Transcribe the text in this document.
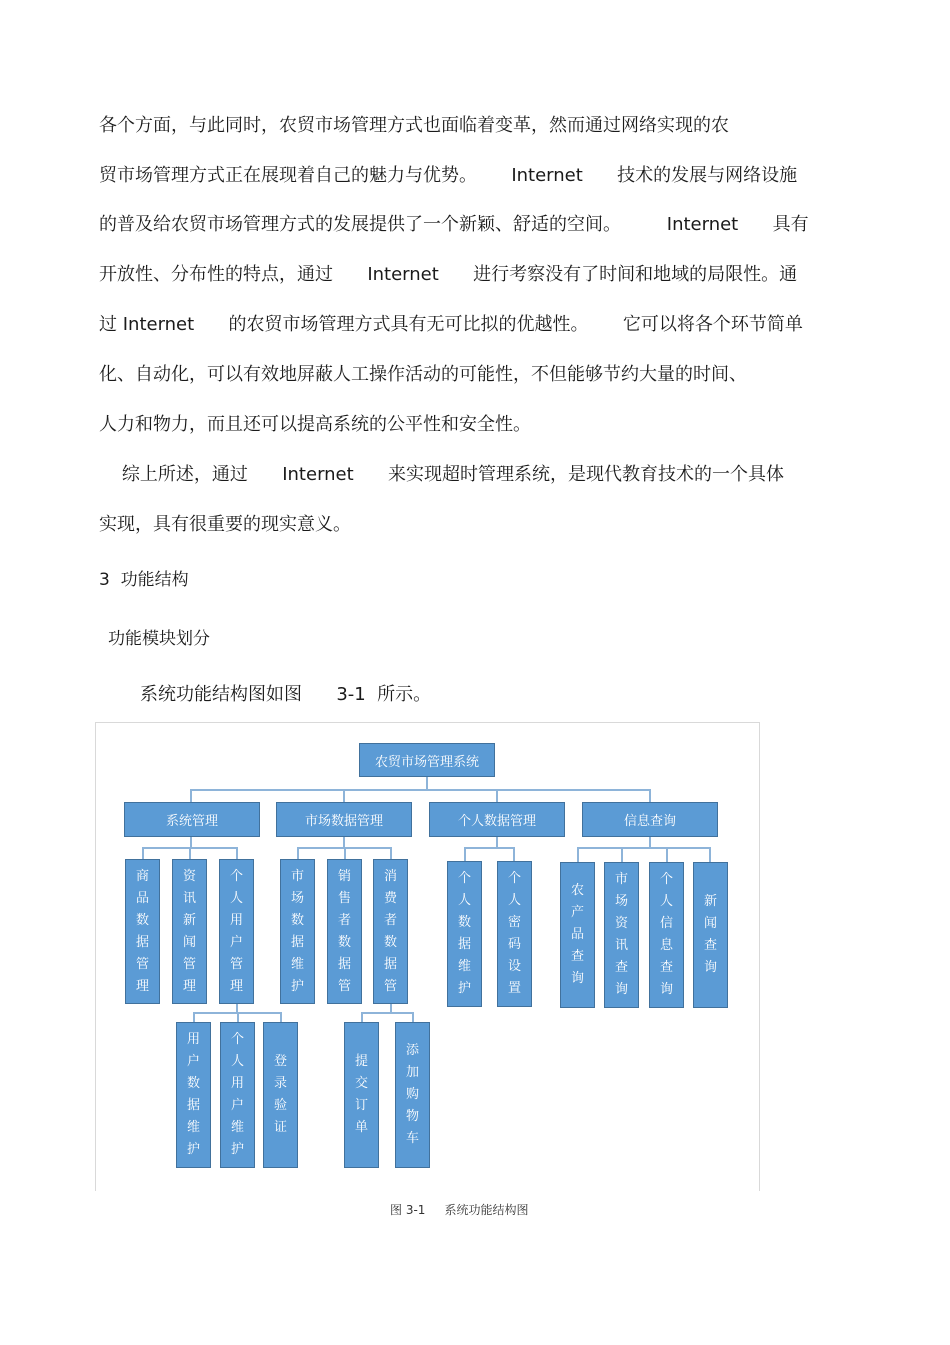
各个方面，与此同时，农贸市场管理方式也面临着变革，然而通过网络实现的农
贸市场管理方式正在展现着自己的魅力与优势。      Internet      技术的发展与网络设施
的普及给农贸市场管理方式的发展提供了一个新颖、舒适的空间。        Internet      具有
开放性、分布性的特点，通过      Internet      进行考察没有了时间和地域的局限性。通
过 Internet      的农贸市场管理方式具有无可比拟的优越性。      它可以将各个环节简单
化、自动化，可以有效地屏蔽人工操作活动的可能性，不但能够节约大量的时间、
人力和物力，而且还可以提高系统的公平性和安全性。
综上所述，通过      Internet      来实现超时管理系统，是现代教育技术的一个具体
实现，具有很重要的现实意义。
3  功能结构
功能模块划分
系统功能结构图如图      3-1  所示。
农贸市场管理系统
系统管理	市场数据管理	个人数据管理	信息查询
商品数据管理
资讯新闻管理
个人用户管理
市场数据维护
销售者数据管
消费者数据管
个人数据维护
个人密码设置
农产品查询
市场资讯查询
个人信息查询
新闻查询
用户数据维护
个人用户维护
登录验证
提交订单
添加购物车
图 3-1     系统功能结构图
